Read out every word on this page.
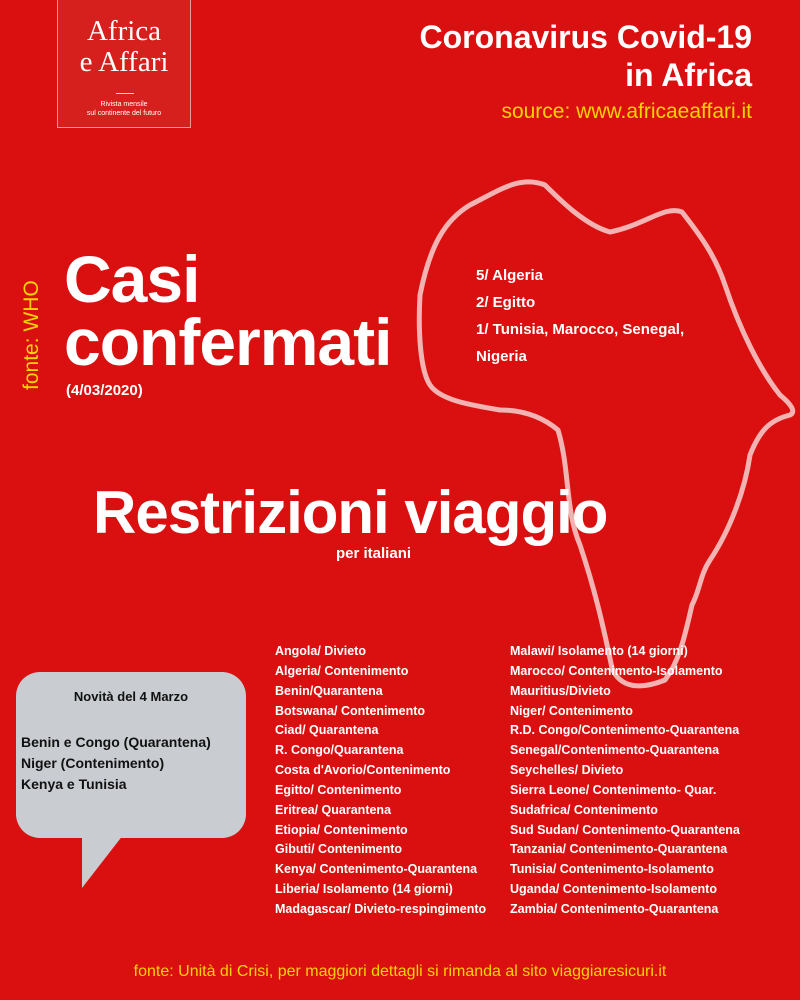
Africa
e Affari
Rivista mensile
sul continente del futuro
Coronavirus Covid-19
in Africa
source: www.africaeaffari.it
fonte: WHO
Casi
confermati
(4/03/2020)
5/ Algeria
2/ Egitto
1/ Tunisia, Marocco, Senegal,
Nigeria
Restrizioni viaggio
per italiani
Angola/ Divieto
Algeria/ Contenimento
Benin/Quarantena
Botswana/ Contenimento
Ciad/ Quarantena
R. Congo/Quarantena
Costa d'Avorio/Contenimento
Egitto/ Contenimento
Eritrea/ Quarantena
Etiopia/ Contenimento
Gibuti/ Contenimento
Kenya/ Contenimento-Quarantena
Liberia/ Isolamento (14 giorni)
Madagascar/ Divieto-respingimento
Malawi/ Isolamento (14 giorni)
Marocco/ Contenimento-Isolamento
Mauritius/Divieto
Niger/ Contenimento
R.D. Congo/Contenimento-Quarantena
Senegal/Contenimento-Quarantena
Seychelles/ Divieto
Sierra Leone/ Contenimento- Quar.
Sudafrica/ Contenimento
Sud Sudan/ Contenimento-Quarantena
Tanzania/ Contenimento-Quarantena
Tunisia/ Contenimento-Isolamento
Uganda/ Contenimento-Isolamento
Zambia/ Contenimento-Quarantena
Novità del 4 Marzo
Benin e Congo (Quarantena)
Niger (Contenimento)
Kenya e Tunisia
fonte: Unità di Crisi, per maggiori dettagli si rimanda al sito viaggiaresicuri.it
